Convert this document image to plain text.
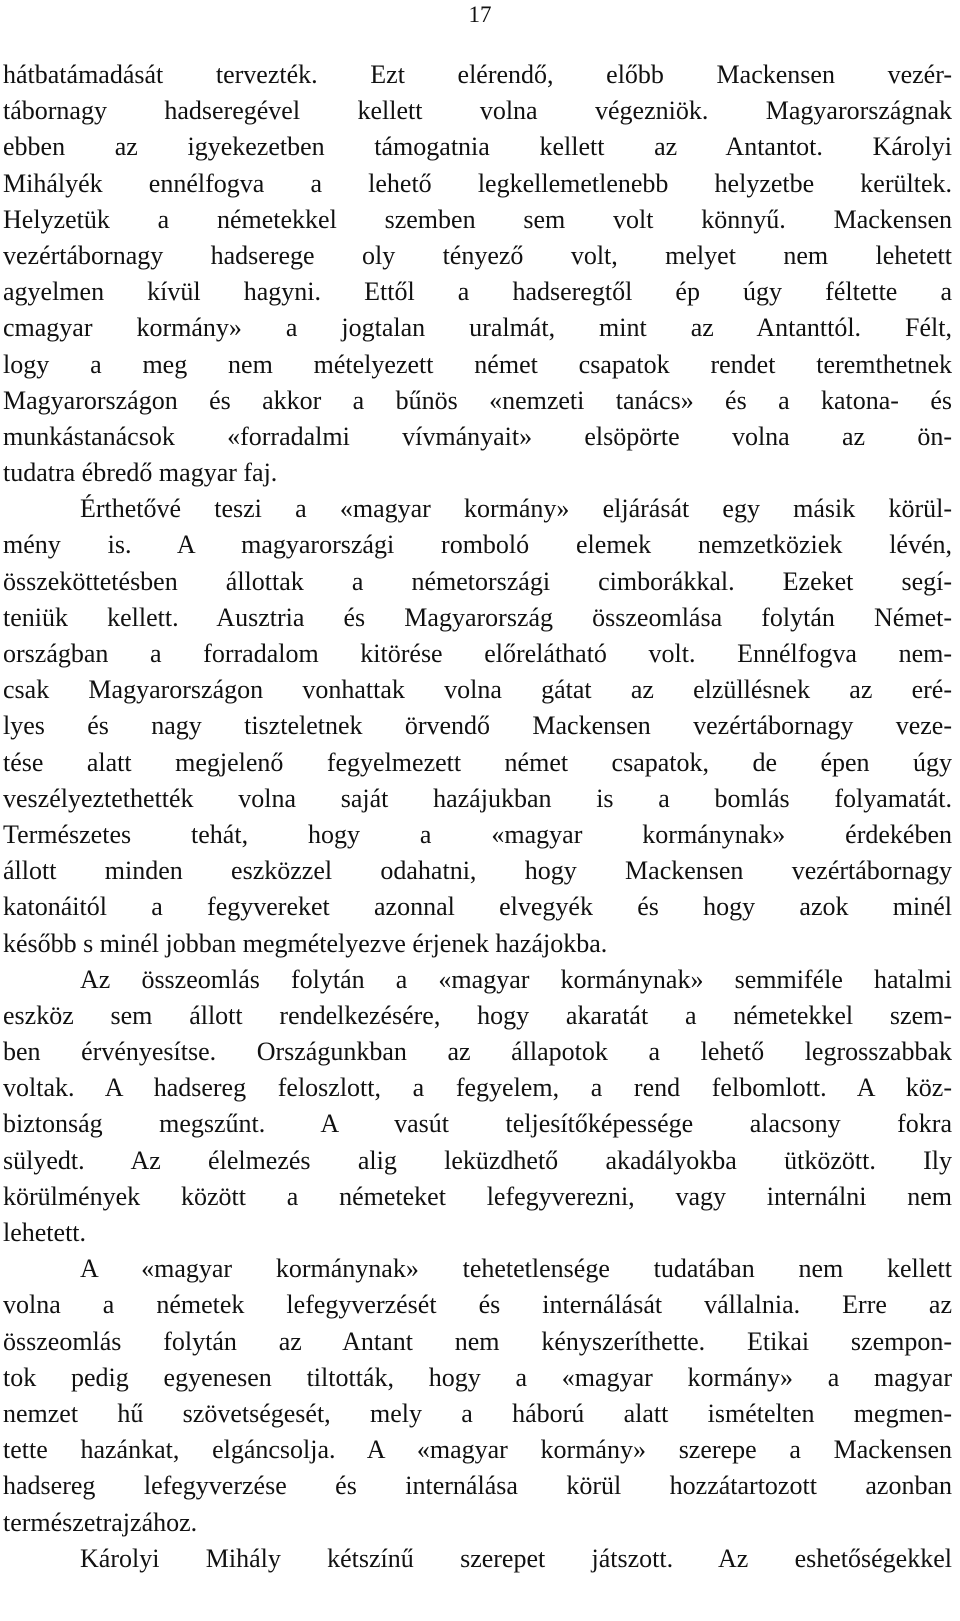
17
hátbatámadását tervezték. Ezt elérendő, előbb Mackensen vezér-
tábornagy hadseregével kellett volna végezniök. Magyarországnak
ebben az igyekezetben támogatnia kellett az Antantot. Károlyi
Mihályék ennélfogva a lehető legkellemetlenebb helyzetbe kerültek.
Helyzetük a németekkel szemben sem volt könnyű. Mackensen
vezértábornagy hadserege oly tényező volt, melyet nem lehetett
agyelmen kívül hagyni. Ettől a hadseregtől ép úgy féltette a
cmagyar kormány» a jogtalan uralmát, mint az Antanttól. Félt,
logy a meg nem mételyezett német csapatok rendet teremthetnek
Magyarországon és akkor a bűnös «nemzeti tanács» és a katona- és
munkástanácsok «forradalmi vívmányait» elsöpörte volna az ön-
tudatra ébredő magyar faj.
Érthetővé teszi a «magyar kormány» eljárását egy másik körül-
mény is. A magyarországi romboló elemek nemzetköziek lévén,
összeköttetésben állottak a németországi cimborákkal. Ezeket segí-
teniük kellett. Ausztria és Magyarország összeomlása folytán Német-
országban a forradalom kitörése előrelátható volt. Ennélfogva nem-
csak Magyarországon vonhattak volna gátat az elzüllésnek az eré-
lyes és nagy tiszteletnek örvendő Mackensen vezértábornagy veze-
tése alatt megjelenő fegyelmezett német csapatok, de épen úgy
veszélyeztethették volna saját hazájukban is a bomlás folyamatát.
Természetes tehát, hogy a «magyar kormánynak» érdekében
állott minden eszközzel odahatni, hogy Mackensen vezértábornagy
katonáitól a fegyvereket azonnal elvegyék és hogy azok minél
később s minél jobban megmételyezve érjenek hazájokba.
Az összeomlás folytán a «magyar kormánynak» semmiféle hatalmi
eszköz sem állott rendelkezésére, hogy akaratát a németekkel szem-
ben érvényesítse. Országunkban az állapotok a lehető legrosszabbak
voltak. A hadsereg feloszlott, a fegyelem, a rend felbomlott. A köz-
biztonság megszűnt. A vasút teljesítőképessége alacsony fokra
sülyedt. Az élelmezés alig leküzdhető akadályokba ütközött. Ily
körülmények között a németeket lefegyverezni, vagy internálni nem
lehetett.
A «magyar kormánynak» tehetetlensége tudatában nem kellett
volna a németek lefegyverzését és internálását vállalnia. Erre az
összeomlás folytán az Antant nem kényszeríthette. Etikai szempon-
tok pedig egyenesen tiltották, hogy a «magyar kormány» a magyar
nemzet hű szövetségesét, mely a háború alatt ismételten megmen-
tette hazánkat, elgáncsolja. A «magyar kormány» szerepe a Mackensen
hadsereg lefegyverzése és internálása körül hozzátartozott azonban
természetrajzához.
Károlyi Mihály kétszínű szerepet játszott. Az eshetőségekkel
